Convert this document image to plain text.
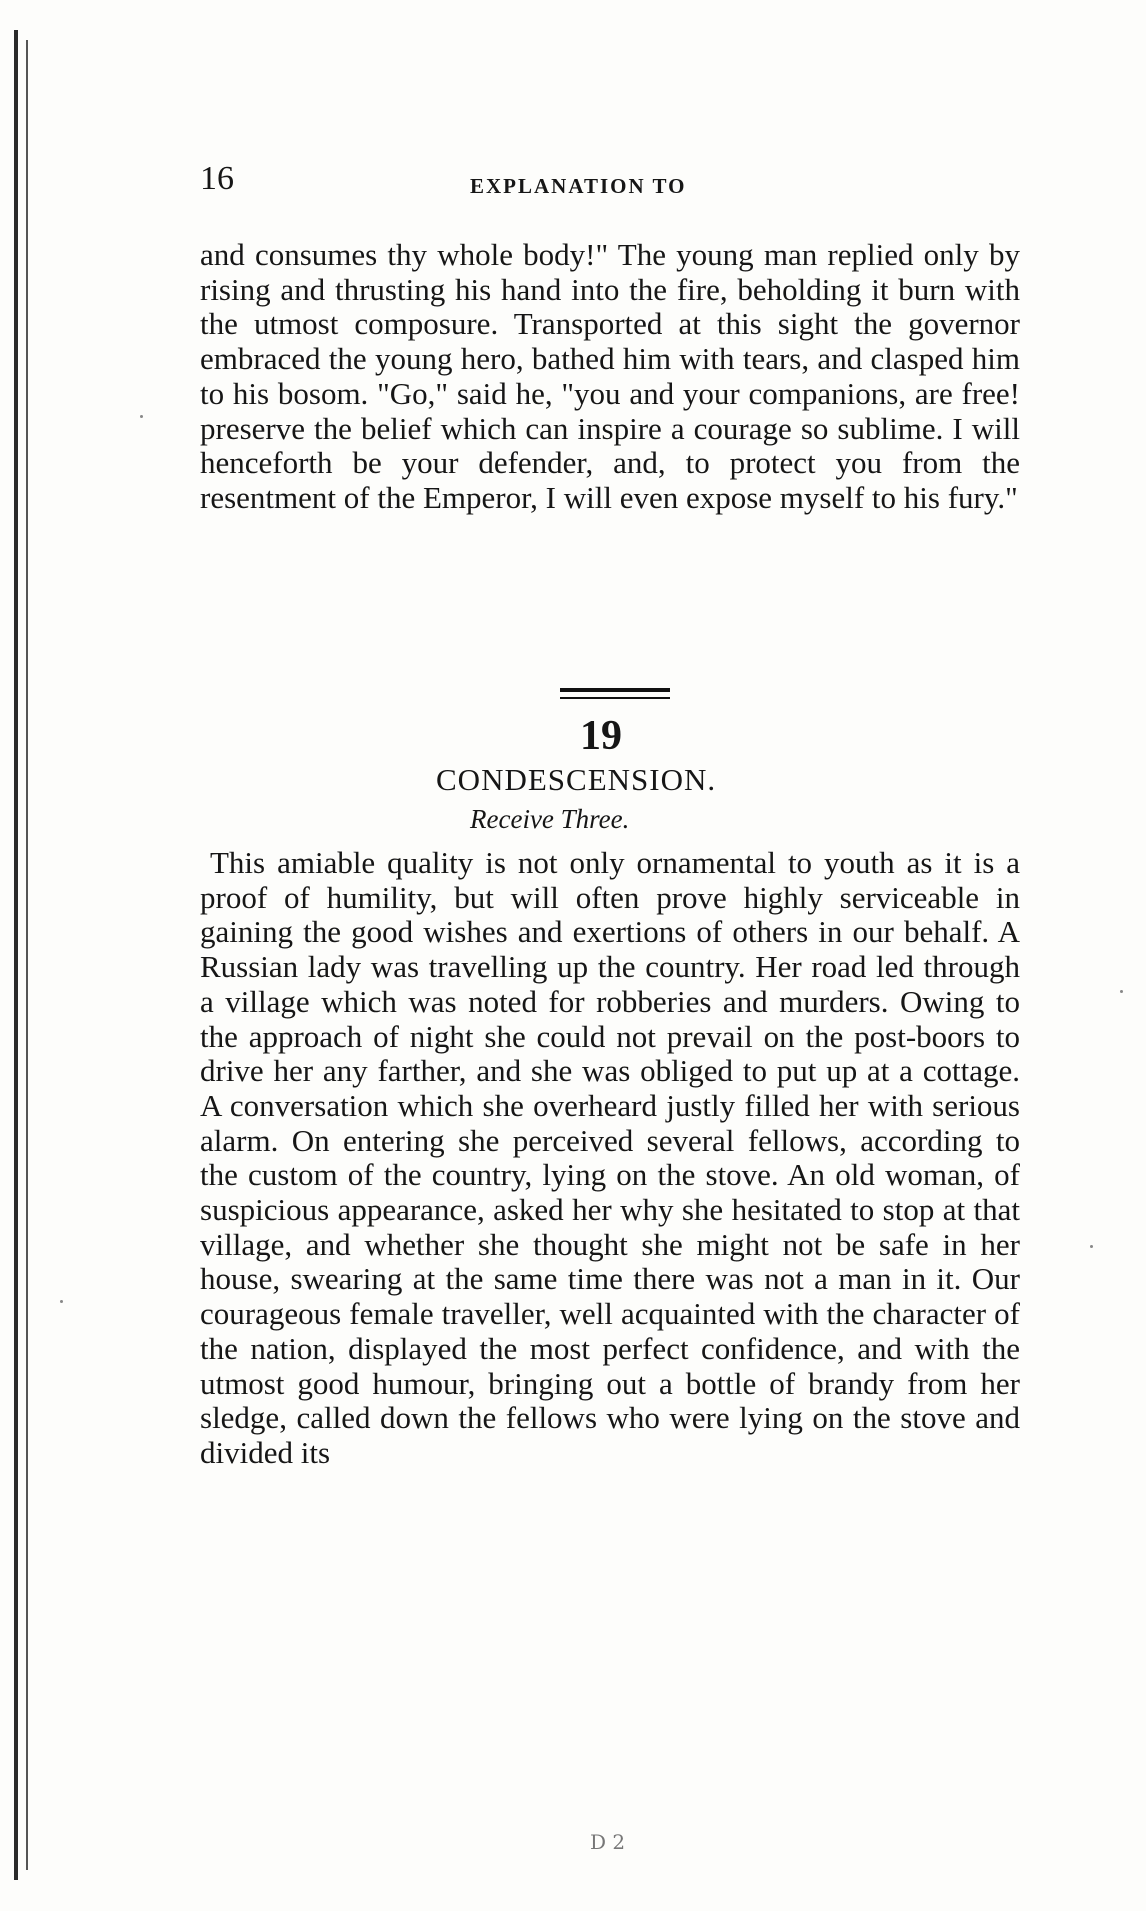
16	EXPLANATION TO

and consumes thy whole body!" The young man replied only by rising and thrusting his hand into the fire, beholding it burn with the utmost composure. Transported at this sight the governor embraced the young hero, bathed him with tears, and clasped him to his bosom. "Go," said he, "you and your companions, are free! preserve the belief which can inspire a courage so sublime. I will henceforth be your defender, and, to protect you from the resentment of the Emperor, I will even expose myself to his fury."

19
CONDESCENSION.
Receive Three.

This amiable quality is not only ornamental to youth as it is a proof of humility, but will often prove highly serviceable in gaining the good wishes and exertions of others in our behalf. A Russian lady was travelling up the country. Her road led through a village which was noted for robberies and murders. Owing to the approach of night she could not prevail on the post-boors to drive her any farther, and she was obliged to put up at a cottage. A conversation which she overheard justly filled her with serious alarm. On entering she perceived several fellows, according to the custom of the country, lying on the stove. An old woman, of suspicious appearance, asked her why she hesitated to stop at that village, and whether she thought she might not be safe in her house, swearing at the same time there was not a man in it. Our courageous female traveller, well acquainted with the character of the nation, displayed the most perfect confidence, and with the utmost good humour, bringing out a bottle of brandy from her sledge, called down the fellows who were lying on the stove and divided its

D 2
